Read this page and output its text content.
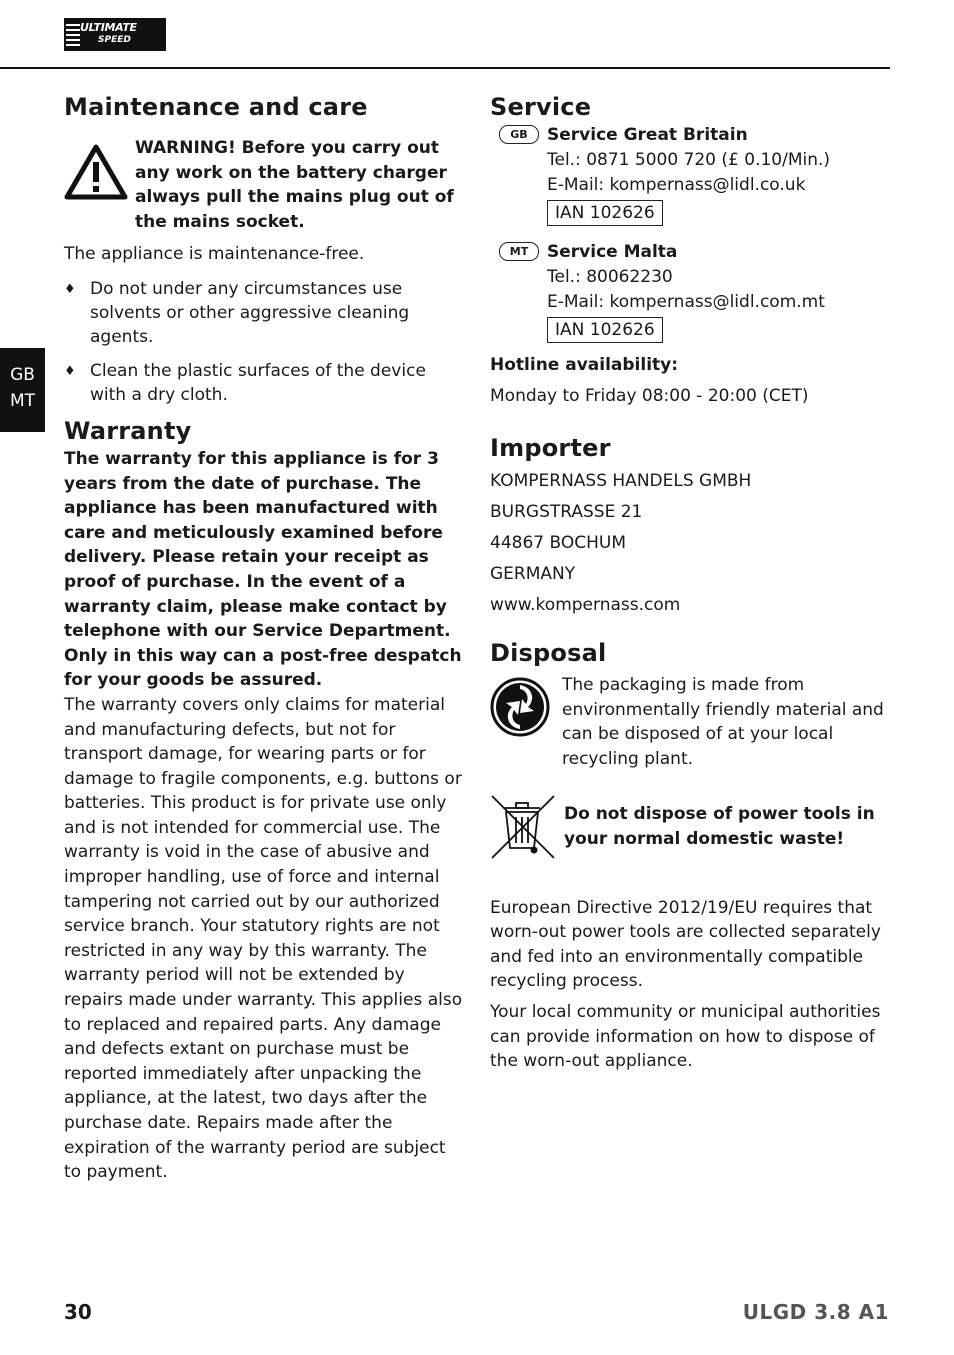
ULTIMATE
SPEED
GB
MT
Maintenance and care

WARNING! Before you carry out any work on the battery charger always pull the mains plug out of the mains socket.

The appliance is maintenance-free.

♦ Do not under any circumstances use solvents or other aggressive cleaning agents.
♦ Clean the plastic surfaces of the device with a dry cloth.
Warranty

The warranty for this appliance is for 3 years from the date of purchase. The appliance has been manufactured with care and meticulously examined before delivery. Please retain your receipt as proof of purchase. In the event of a warranty claim, please make contact by telephone with our Service Department. Only in this way can a post-free despatch for your goods be assured.

The warranty covers only claims for material and manufacturing defects, but not for transport damage, for wearing parts or for damage to fragile components, e.g. buttons or batteries. This product is for private use only and is not intended for commercial use. The warranty is void in the case of abusive and improper handling, use of force and internal tampering not carried out by our authorized service branch. Your statutory rights are not restricted in any way by this warranty. The warranty period will not be extended by repairs made under warranty. This applies also to replaced and repaired parts. Any damage and defects extant on purchase must be reported immediately after unpacking the appliance, at the latest, two days after the purchase date. Repairs made after the expiration of the warranty period are subject to payment.

Service
GB	Service Great Britain
Tel.: 0871 5000 720 (£ 0.10/Min.)
E-Mail: kompernass@lidl.co.uk
IAN 102626
MT	Service Malta
Tel.: 80062230
E-Mail: kompernass@lidl.com.mt
IAN 102626

Hotline availability:

Monday to Friday 08:00 - 20:00 (CET)

Importer
KOMPERNASS HANDELS GMBH
BURGSTRASSE 21
44867 BOCHUM
GERMANY
www.kompernass.com
Disposal

The packaging is made from environmentally friendly material and can be disposed of at your local recycling plant.

Do not dispose of power tools in your normal domestic waste!

European Directive 2012/19/EU requires that worn-out power tools are collected separately and fed into an environmentally compatible recycling process.

Your local community or municipal authorities can provide information on how to dispose of the worn-out appliance.

30	ULGD 3.8 A1
